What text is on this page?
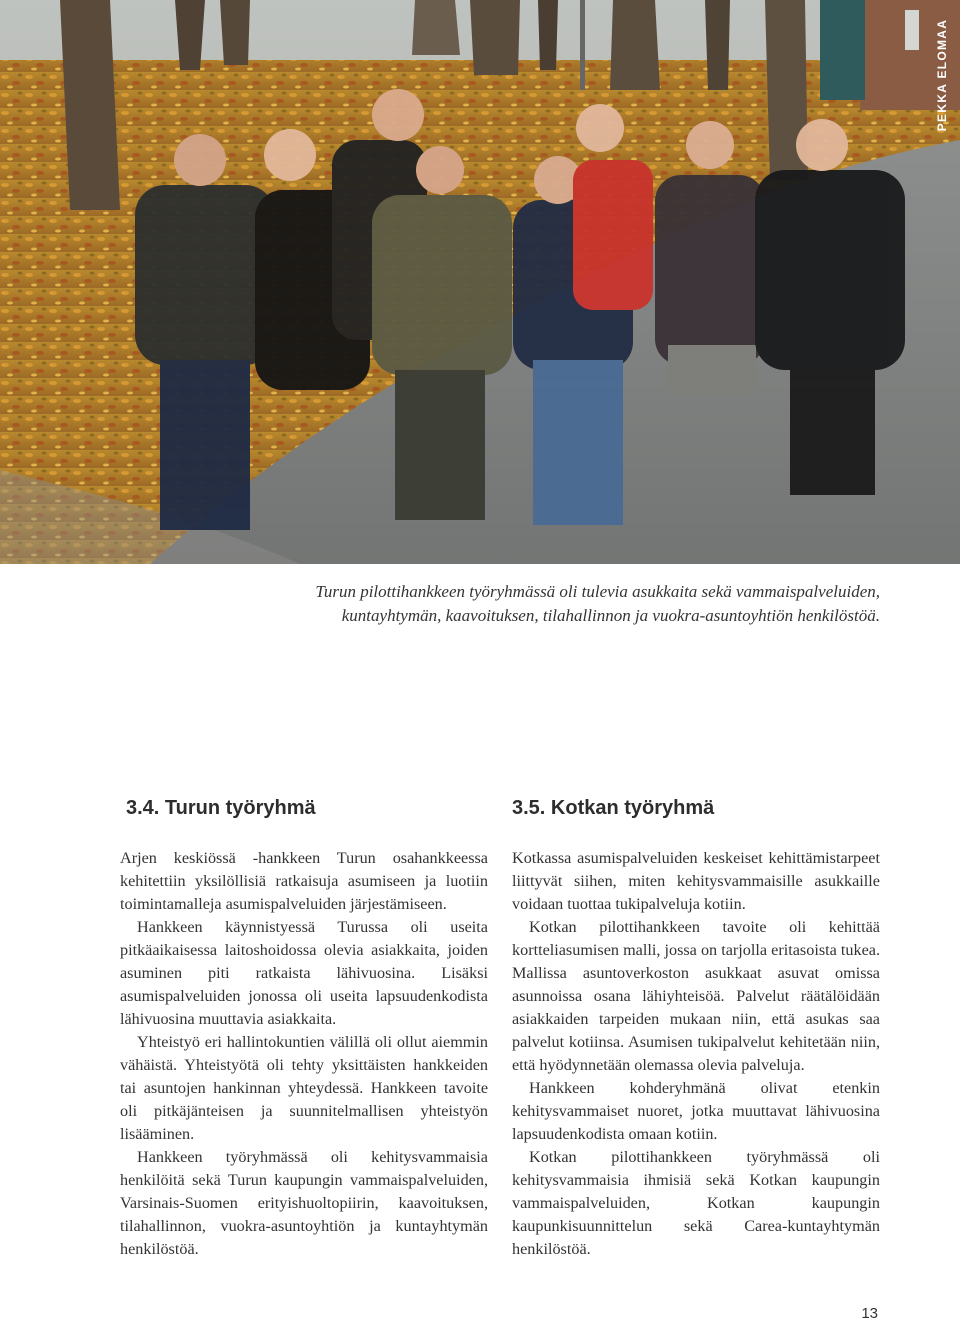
PEKKA ELOMAA

Turun pilottihankkeen työryhmässä oli tulevia asukkaita sekä vammaispalveluiden,

kuntayhtymän, kaavoituksen, tilahallinnon ja vuokra-asuntoyhtiön henkilöstöä.

3.4. Turun työryhmä

Arjen keskiössä -hankkeen Turun osahankkeessa kehitettiin yksilöllisiä ratkaisuja asumiseen ja luotiin toimintamalleja asumispalveluiden järjestämiseen.

Hankkeen käynnistyessä Turussa oli useita pitkäaikaisessa laitoshoidossa olevia asiakkaita, joiden asuminen piti ratkaista lähivuosina. Lisäksi asumispalveluiden jonossa oli useita lapsuudenkodista lähivuosina muuttavia asiakkaita.

Yhteistyö eri hallintokuntien välillä oli ollut aiemmin vähäistä. Yhteistyötä oli tehty yksittäisten hankkeiden tai asuntojen hankinnan yhteydessä. Hankkeen tavoite oli pitkäjänteisen ja suunnitelmallisen yhteistyön lisääminen.

Hankkeen työryhmässä oli kehitysvammaisia henkilöitä sekä Turun kaupungin vammaispalveluiden, Varsinais-Suomen erityishuoltopiirin, kaavoituksen, tilahallinnon, vuokra-asuntoyhtiön ja kuntayhtymän henkilöstöä.

3.5. Kotkan työryhmä

Kotkassa asumispalveluiden keskeiset kehittämistarpeet liittyvät siihen, miten kehitysvammaisille asukkaille voidaan tuottaa tukipalveluja kotiin.

Kotkan pilottihankkeen tavoite oli kehittää kortteliasumisen malli, jossa on tarjolla eritasoista tukea. Mallissa asuntoverkoston asukkaat asuvat omissa asunnoissa osana lähiyhteisöä. Palvelut räätälöidään asiakkaiden tarpeiden mukaan niin, että asukas saa palvelut kotiinsa. Asumisen tukipalvelut kehitetään niin, että hyödynnetään olemassa olevia palveluja.

Hankkeen kohderyhmänä olivat etenkin kehitysvammaiset nuoret, jotka muuttavat lähivuosina lapsuudenkodista omaan kotiin.

Kotkan pilottihankkeen työryhmässä oli kehitysvammaisia ihmisiä sekä Kotkan kaupungin vammaispalveluiden, Kotkan kaupungin kaupunkisuunnittelun sekä Carea-kuntayhtymän henkilöstöä.

13
